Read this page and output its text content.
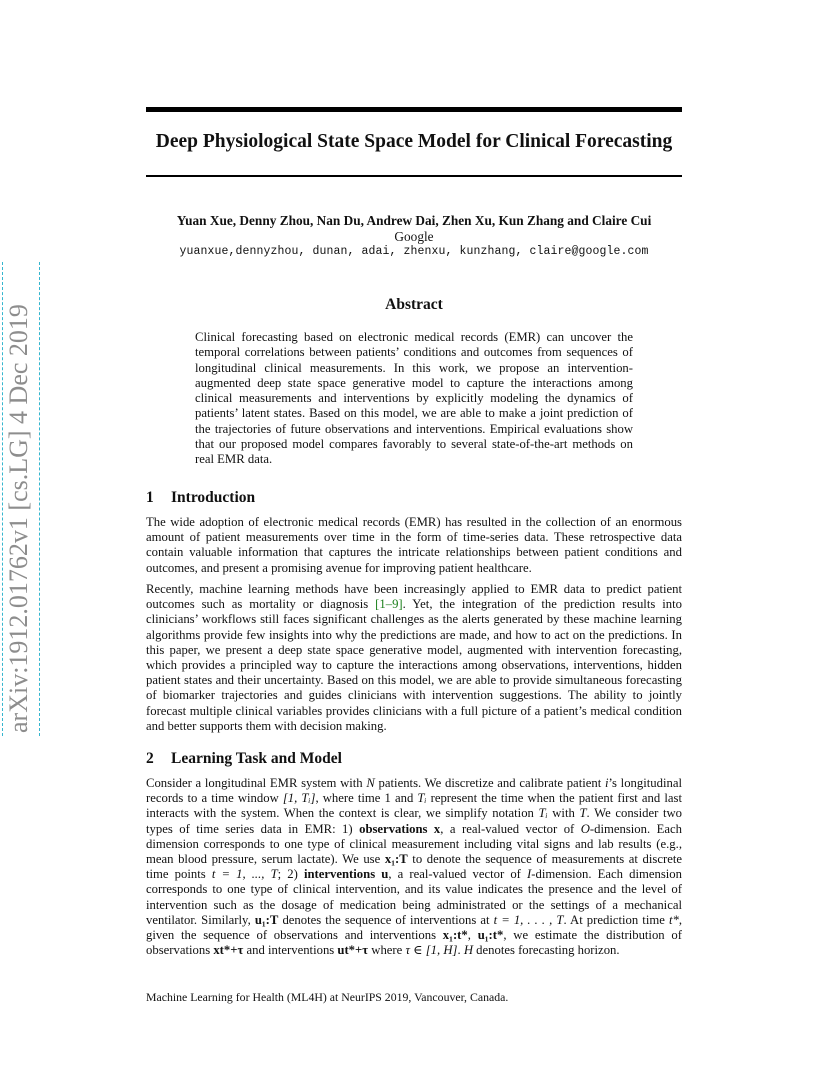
arXiv:1912.01762v1 [cs.LG] 4 Dec 2019
Deep Physiological State Space Model for Clinical Forecasting
Yuan Xue, Denny Zhou, Nan Du, Andrew Dai, Zhen Xu, Kun Zhang and Claire Cui
Google
yuanxue,dennyzhou, dunan, adai, zhenxu, kunzhang, claire@google.com
Abstract

Clinical forecasting based on electronic medical records (EMR) can uncover the temporal correlations between patients’ conditions and outcomes from sequences of longitudinal clinical measurements. In this work, we propose an intervention-augmented deep state space generative model to capture the interactions among clinical measurements and interventions by explicitly modeling the dynamics of patients’ latent states. Based on this model, we are able to make a joint prediction of the trajectories of future observations and interventions. Empirical evaluations show that our proposed model compares favorably to several state-of-the-art methods on real EMR data.

1 Introduction

The wide adoption of electronic medical records (EMR) has resulted in the collection of an enormous amount of patient measurements over time in the form of time-series data. These retrospective data contain valuable information that captures the intricate relationships between patient conditions and outcomes, and present a promising avenue for improving patient healthcare.

Recently, machine learning methods have been increasingly applied to EMR data to predict patient outcomes such as mortality or diagnosis [1–9]. Yet, the integration of the prediction results into clinicians’ workflows still faces significant challenges as the alerts generated by these machine learning algorithms provide few insights into why the predictions are made, and how to act on the predictions. In this paper, we present a deep state space generative model, augmented with intervention forecasting, which provides a principled way to capture the interactions among observations, interventions, hidden patient states and their uncertainty. Based on this model, we are able to provide simultaneous forecasting of biomarker trajectories and guides clinicians with intervention suggestions. The ability to jointly forecast multiple clinical variables provides clinicians with a full picture of a patient’s medical condition and better supports them with decision making.

2 Learning Task and Model

Consider a longitudinal EMR system with N patients. We discretize and calibrate patient i’s longitudinal records to a time window [1, Tᵢ], where time 1 and Tᵢ represent the time when the patient first and last interacts with the system. When the context is clear, we simplify notation Tᵢ with T. We consider two types of time series data in EMR: 1) observations x, a real-valued vector of O-dimension. Each dimension corresponds to one type of clinical measurement including vital signs and lab results (e.g., mean blood pressure, serum lactate). We use x₁:T to denote the sequence of measurements at discrete time points t = 1, ..., T; 2) interventions u, a real-valued vector of I-dimension. Each dimension corresponds to one type of clinical intervention, and its value indicates the presence and the level of intervention such as the dosage of medication being administrated or the settings of a mechanical ventilator. Similarly, u₁:T denotes the sequence of interventions at t = 1, . . . , T. At prediction time t*, given the sequence of observations and interventions x₁:t*, u₁:t*, we estimate the distribution of observations xt*+τ and interventions ut*+τ where τ ∈ [1, H]. H denotes forecasting horizon.

Machine Learning for Health (ML4H) at NeurIPS 2019, Vancouver, Canada.
